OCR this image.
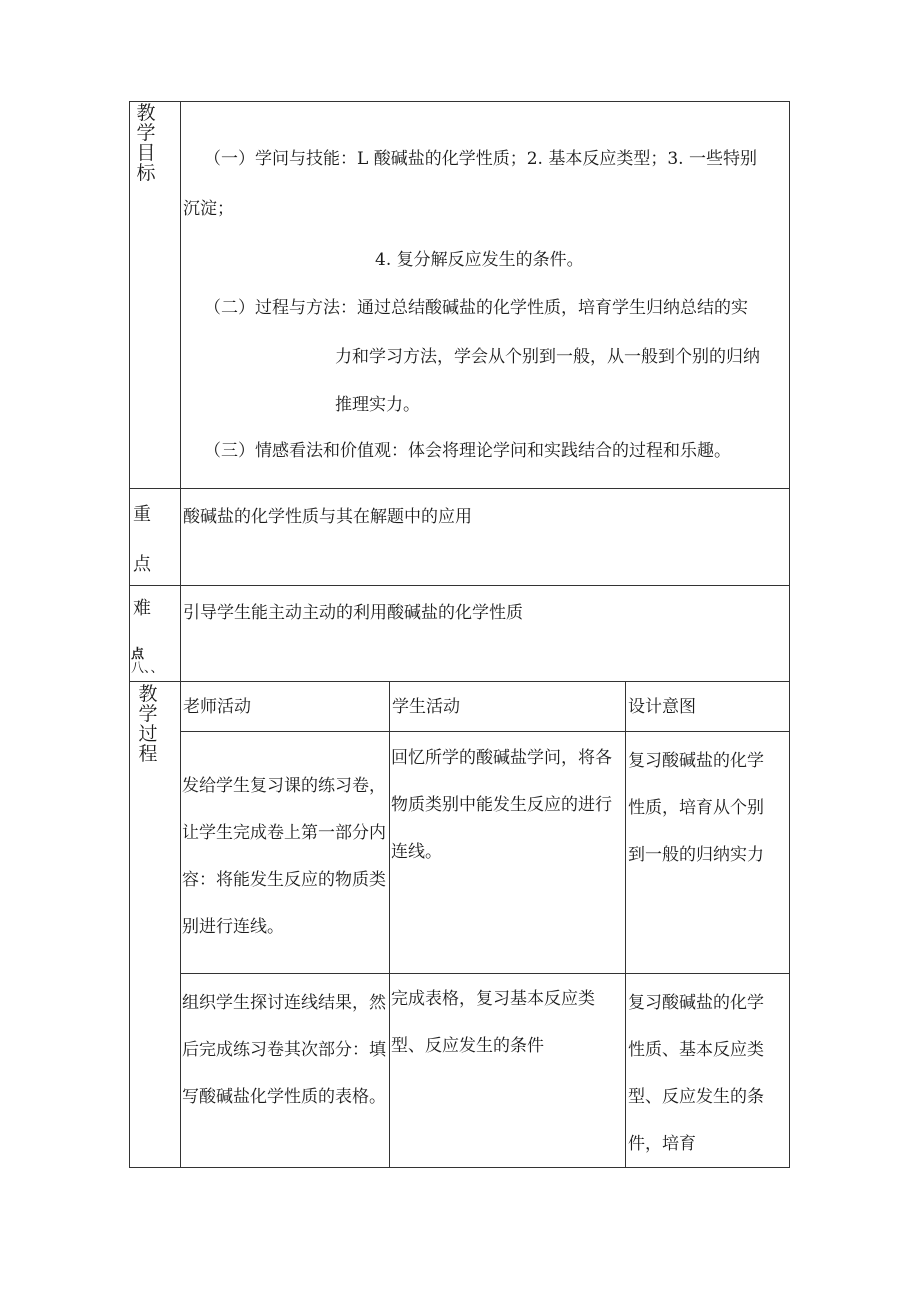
教学目标
（一）学问与技能：L 酸碱盐的化学性质；2. 基本反应类型；3. 一些特别
沉淀；
4. 复分解反应发生的条件。
（二）过程与方法：通过总结酸碱盐的化学性质，培育学生归纳总结的实
力和学习方法，学会从个别到一般，从一般到个别的归纳
推理实力。
（三）情感看法和价值观：体会将理论学问和实践结合的过程和乐趣。
重
点
酸碱盐的化学性质与其在解题中的应用
难
点
八、、
引导学生能主动主动的利用酸碱盐的化学性质
教学过程
老师活动	学生活动	设计意图
发给学生复习课的练习卷，让学生完成卷上第一部分内容：将能发生反应的物质类别进行连线。
回忆所学的酸碱盐学问，将各物质类别中能发生反应的进行连线。
复习酸碱盐的化学性质，培育从个别到一般的归纳实力
组织学生探讨连线结果，然后完成练习卷其次部分：填写酸碱盐化学性质的表格。
完成表格，复习基本反应类型、反应发生的条件
复习酸碱盐的化学性质、基本反应类型、反应发生的条件，培育
